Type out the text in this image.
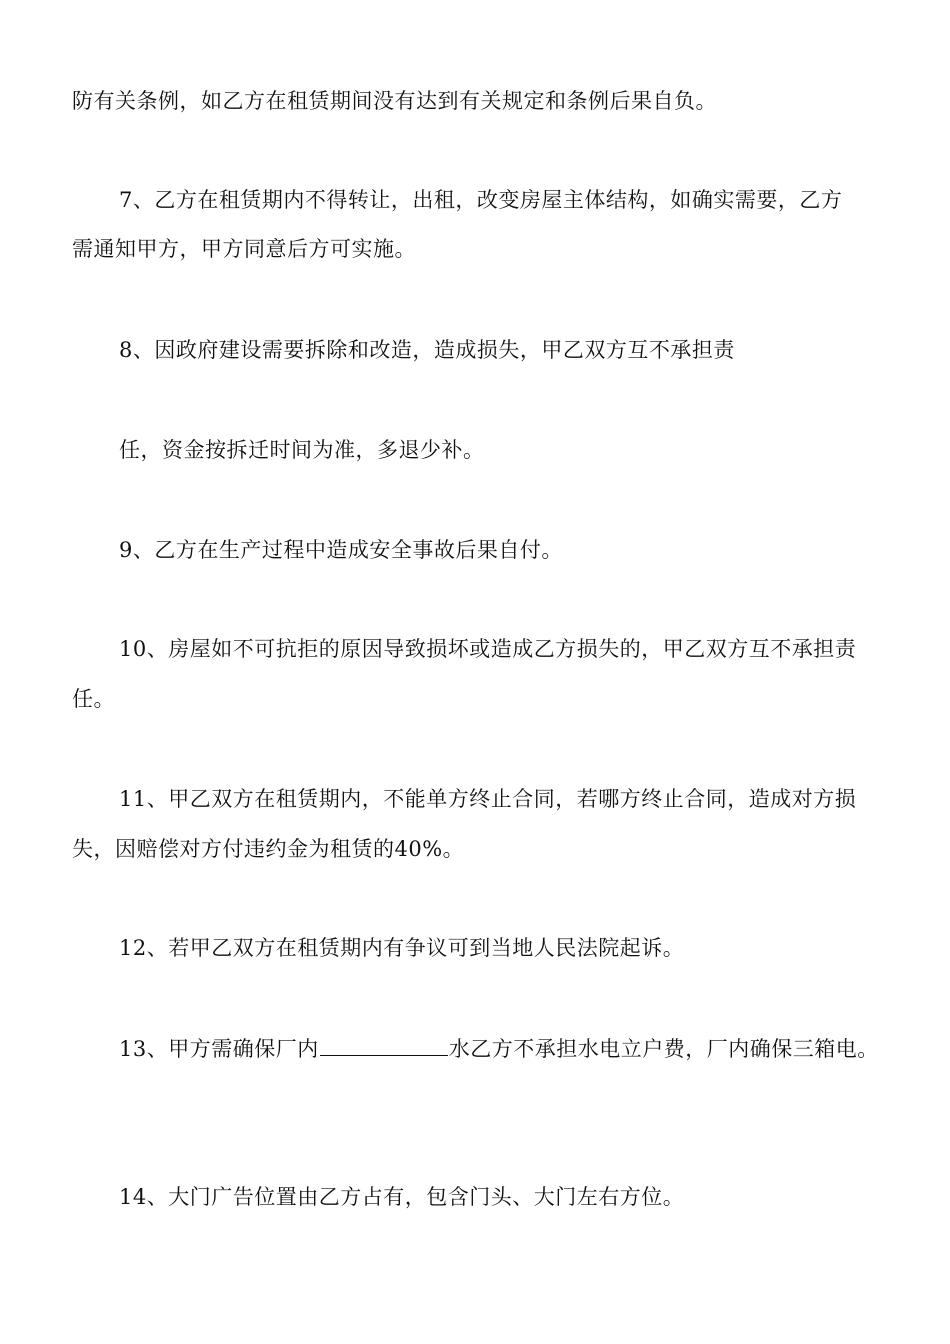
防有关条例，如乙方在租赁期间没有达到有关规定和条例后果自负。
7、乙方在租赁期内不得转让，出租，改变房屋主体结构，如确实需要，乙方
需通知甲方，甲方同意后方可实施。
8、因政府建设需要拆除和改造，造成损失，甲乙双方互不承担责
任，资金按拆迁时间为准，多退少补。
9、乙方在生产过程中造成安全事故后果自付。
10、房屋如不可抗拒的原因导致损坏或造成乙方损失的，甲乙双方互不承担责
任。
11、甲乙双方在租赁期内，不能单方终止合同，若哪方终止合同，造成对方损
失，因赔偿对方付违约金为租赁的40%。
12、若甲乙双方在租赁期内有争议可到当地人民法院起诉。
13、甲方需确保厂内	水乙方不承担水电立户费，厂内确保三箱电。
14、大门广告位置由乙方占有，包含门头、大门左右方位。
